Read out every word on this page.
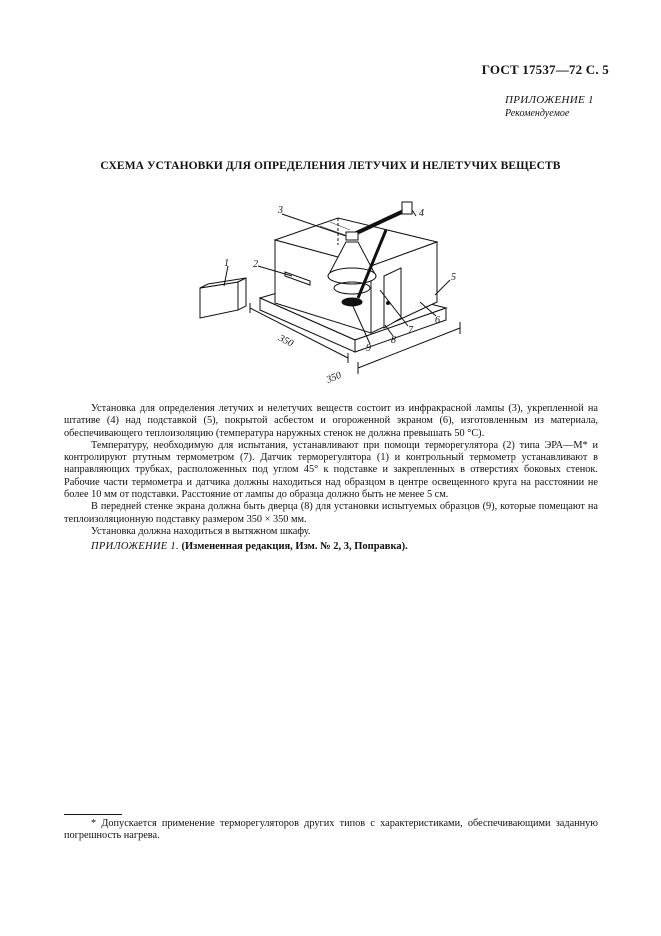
ГОСТ 17537—72 С. 5
ПРИЛОЖЕНИЕ 1
Рекомендуемое
СХЕМА УСТАНОВКИ ДЛЯ ОПРЕДЕЛЕНИЯ ЛЕТУЧИХ И НЕЛЕТУЧИХ ВЕЩЕСТВ
1 2
3	4
5
6
7
8
9
350
350

Установка для определения летучих и нелетучих веществ состоит из инфракрасной лампы (3), укрепленной на штативе (4) над подставкой (5), покрытой асбестом и огороженной экраном (6), изготовленным из материала, обеспечивающего теплоизоляцию (температура наружных стенок не должна превышать 50 °С).

Температуру, необходимую для испытания, устанавливают при помощи терморегулятора (2) типа ЭРА—М* и контролируют ртутным термометром (7). Датчик терморегулятора (1) и контрольный термометр устанавливают в направляющих трубках, расположенных под углом 45° к подставке и закрепленных в отверстиях боковых стенок. Рабочие части термометра и датчика должны находиться над образцом в центре освещенного круга на расстоянии не более 10 мм от подставки. Расстояние от лампы до образца должно быть не менее 5 см.

В передней стенке экрана должна быть дверца (8) для установки испытуемых образцов (9), которые помещают на теплоизоляционную подставку размером 350 × 350 мм.

Установка должна находиться в вытяжном шкафу.

ПРИЛОЖЕНИЕ 1. (Измененная редакция, Изм. № 2, 3, Поправка).

* Допускается применение терморегуляторов других типов с характеристиками, обеспечивающими заданную погрешность нагрева.
